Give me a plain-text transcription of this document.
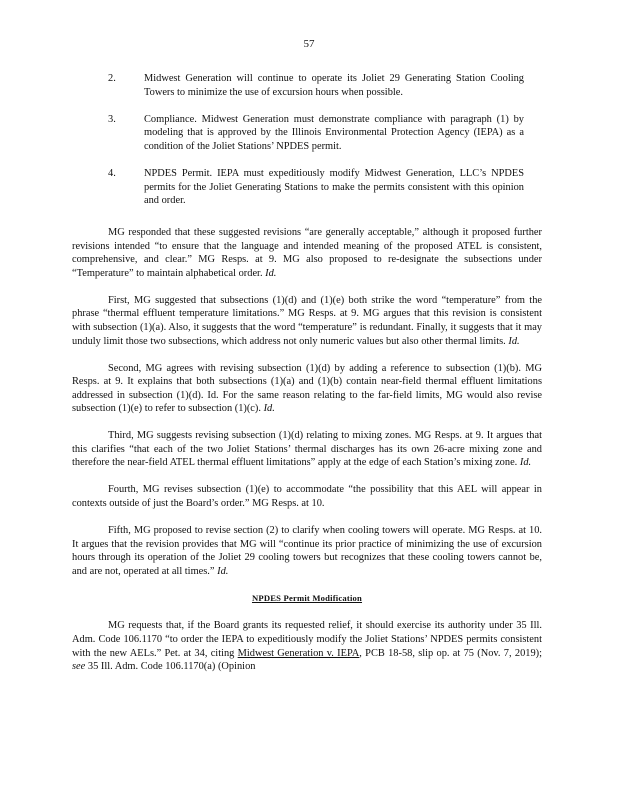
57
2.	Midwest Generation will continue to operate its Joliet 29 Generating Station Cooling Towers to minimize the use of excursion hours when possible.
3.	Compliance. Midwest Generation must demonstrate compliance with paragraph (1) by modeling that is approved by the Illinois Environmental Protection Agency (IEPA) as a condition of the Joliet Stations’ NPDES permit.
4.	NPDES Permit. IEPA must expeditiously modify Midwest Generation, LLC’s NPDES permits for the Joliet Generating Stations to make the permits consistent with this opinion and order.

MG responded that these suggested revisions “are generally acceptable,” although it proposed further revisions intended “to ensure that the language and intended meaning of the proposed ATEL is consistent, comprehensive, and clear.” MG Resps. at 9. MG also proposed to re-designate the subsections under “Temperature” to maintain alphabetical order. Id.

First, MG suggested that subsections (1)(d) and (1)(e) both strike the word “temperature” from the phrase “thermal effluent temperature limitations.” MG Resps. at 9. MG argues that this revision is consistent with subsection (1)(a). Also, it suggests that the word “temperature” is redundant. Finally, it suggests that it may unduly limit those two subsections, which address not only numeric values but also other thermal limits. Id.

Second, MG agrees with revising subsection (1)(d) by adding a reference to subsection (1)(b). MG Resps. at 9. It explains that both subsections (1)(a) and (1)(b) contain near-field thermal effluent limitations addressed in subsection (1)(d). Id. For the same reason relating to the far-field limits, MG would also revise subsection (1)(e) to refer to subsection (1)(c). Id.

Third, MG suggests revising subsection (1)(d) relating to mixing zones. MG Resps. at 9. It argues that this clarifies “that each of the two Joliet Stations’ thermal discharges has its own 26-acre mixing zone and therefore the near-field ATEL thermal effluent limitations” apply at the edge of each Station’s mixing zone. Id.

Fourth, MG revises subsection (1)(e) to accommodate “the possibility that this AEL will appear in contexts outside of just the Board’s order.” MG Resps. at 10.

Fifth, MG proposed to revise section (2) to clarify when cooling towers will operate. MG Resps. at 10. It argues that the revision provides that MG will “continue its prior practice of minimizing the use of excursion hours through its operation of the Joliet 29 cooling towers but recognizes that these cooling towers cannot be, and are not, operated at all times.” Id.

NPDES Permit Modification

MG requests that, if the Board grants its requested relief, it should exercise its authority under 35 Ill. Adm. Code 106.1170 “to order the IEPA to expeditiously modify the Joliet Stations’ NPDES permits consistent with the new AELs.” Pet. at 34, citing Midwest Generation v. IEPA, PCB 18-58, slip op. at 75 (Nov. 7, 2019); see 35 Ill. Adm. Code 106.1170(a) (Opinion
